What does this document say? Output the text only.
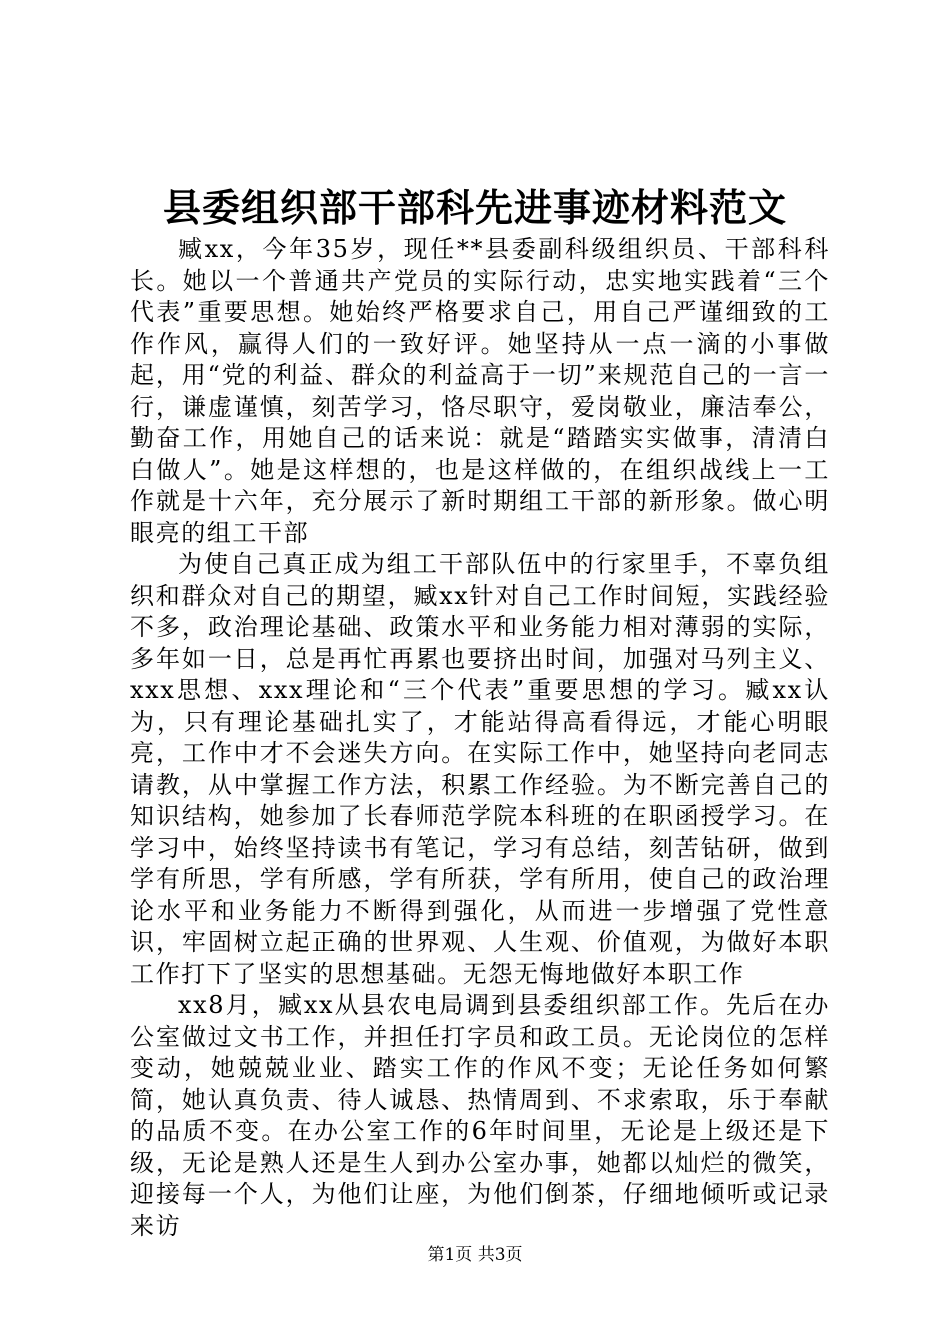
县委组织部干部科先进事迹材料范文

臧xx，今年35岁，现任**县委副科级组织员、干部科科长。她以一个普通共产党员的实际行动，忠实地实践着“三个代表”重要思想。她始终严格要求自己，用自己严谨细致的工作作风，赢得人们的一致好评。她坚持从一点一滴的小事做起，用“党的利益、群众的利益高于一切”来规范自己的一言一行，谦虚谨慎，刻苦学习，恪尽职守，爱岗敬业，廉洁奉公，勤奋工作，用她自己的话来说：就是“踏踏实实做事，清清白白做人”。她是这样想的，也是这样做的，在组织战线上一工作就是十六年，充分展示了新时期组工干部的新形象。做心明眼亮的组工干部

为使自己真正成为组工干部队伍中的行家里手，不辜负组织和群众对自己的期望，臧xx针对自己工作时间短，实践经验不多，政治理论基础、政策水平和业务能力相对薄弱的实际，多年如一日，总是再忙再累也要挤出时间，加强对马列主义、xxx思想、xxx理论和“三个代表”重要思想的学习。臧xx认为，只有理论基础扎实了，才能站得高看得远，才能心明眼亮，工作中才不会迷失方向。在实际工作中，她坚持向老同志请教，从中掌握工作方法，积累工作经验。为不断完善自己的知识结构，她参加了长春师范学院本科班的在职函授学习。在学习中，始终坚持读书有笔记，学习有总结，刻苦钻研，做到学有所思，学有所感，学有所获，学有所用，使自己的政治理论水平和业务能力不断得到强化，从而进一步增强了党性意识，牢固树立起正确的世界观、人生观、价值观，为做好本职工作打下了坚实的思想基础。无怨无悔地做好本职工作

xx8月，臧xx从县农电局调到县委组织部工作。先后在办公室做过文书工作，并担任打字员和政工员。无论岗位的怎样变动，她兢兢业业、踏实工作的作风不变；无论任务如何繁简，她认真负责、待人诚恳、热情周到、不求索取，乐于奉献的品质不变。在办公室工作的6年时间里，无论是上级还是下级，无论是熟人还是生人到办公室办事，她都以灿烂的微笑，迎接每一个人，为他们让座，为他们倒茶，仔细地倾听或记录来访

第1页 共3页
